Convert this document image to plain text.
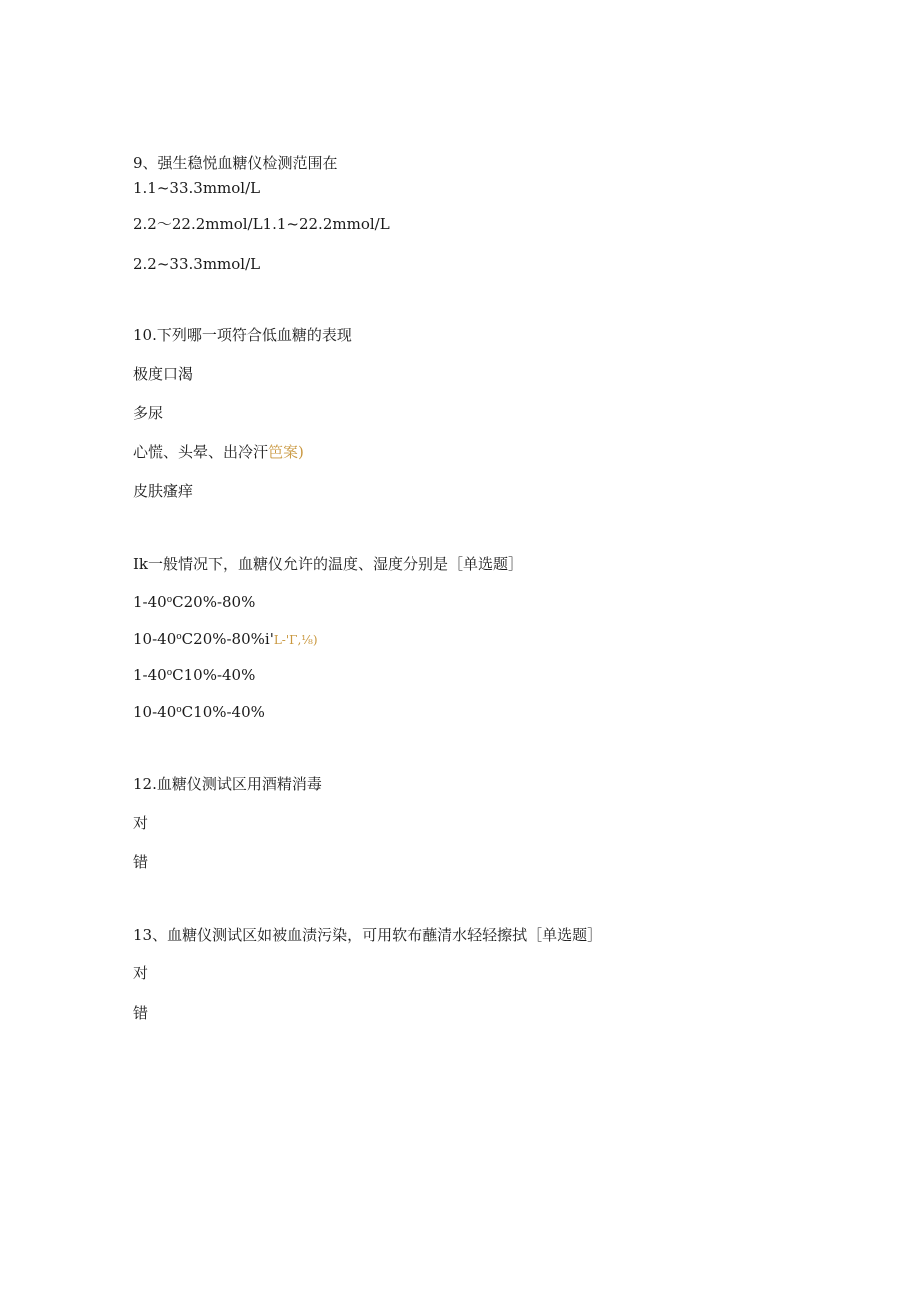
9、强生稳悦血糖仪检测范围在
1.1~33.3mmol/L
2.2～22.2mmol/L1.1~22.2mmol/L
2.2~33.3mmol/L
10.下列哪一项符合低血糖的表现
极度口渴
多尿
心慌、头晕、出冷汗笆案)
皮肤瘙痒
Ik一般情况下，血糖仪允许的温度、湿度分别是［单选题］
1-40$^o$C20%-80%
10-40$^o$C20%-80%i'L-'Γ,⅛)
1-40$^o$C10%-40%
10-40$^o$C10%-40%
12.血糖仪测试区用酒精消毒
对
错
13、血糖仪测试区如被血渍污染，可用软布蘸清水轻轻擦拭［单选题］
对
错
